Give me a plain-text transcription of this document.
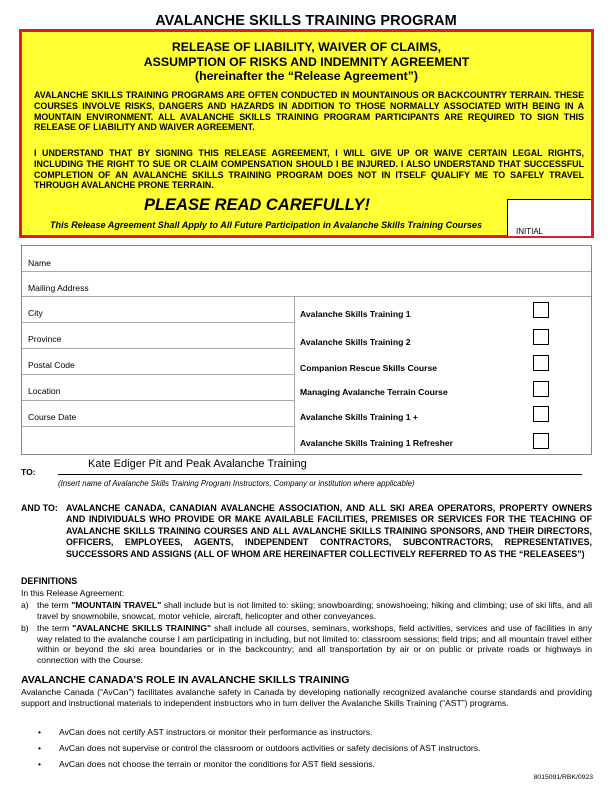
AVALANCHE SKILLS TRAINING PROGRAM
RELEASE OF LIABILITY, WAIVER OF CLAIMS,
ASSUMPTION OF RISKS AND INDEMNITY AGREEMENT
(hereinafter the “Release Agreement”)
AVALANCHE SKILLS TRAINING PROGRAMS ARE OFTEN CONDUCTED IN MOUNTAINOUS OR BACKCOUNTRY TERRAIN. THESE COURSES INVOLVE RISKS, DANGERS AND HAZARDS IN ADDITION TO THOSE NORMALLY ASSOCIATED WITH BEING IN A MOUNTAIN ENVIRONMENT. ALL AVALANCHE SKILLS TRAINING PROGRAM PARTICIPANTS ARE REQUIRED TO SIGN THIS RELEASE OF LIABILITY AND WAIVER AGREEMENT.
I UNDERSTAND THAT BY SIGNING THIS RELEASE AGREEMENT, I WILL GIVE UP OR WAIVE CERTAIN LEGAL RIGHTS, INCLUDING THE RIGHT TO SUE OR CLAIM COMPENSATION SHOULD I BE INJURED. I ALSO UNDERSTAND THAT SUCCESSFUL COMPLETION OF AN AVALANCHE SKILLS TRAINING PROGRAM DOES NOT IN ITSELF QUALIFY ME TO SAFELY TRAVEL THROUGH AVALANCHE PRONE TERRAIN.
PLEASE READ CAREFULLY!
This Release Agreement Shall Apply to All Future Participation in Avalanche Skills Training Courses
INITIAL
Name
Mailing Address
City
Province
Postal Code
Location
Course Date
Avalanche Skills Training 1
Avalanche Skills Training 2
Companion Rescue Skills Course
Managing Avalanche Terrain Course
Avalanche Skills Training 1 +
Avalanche Skills Training 1 Refresher
TO:
Kate Ediger Pit and Peak Avalanche Training
(Insert name of Avalanche Skills Training Program Instructors, Company or institution where applicable)
AND TO: AVALANCHE CANADA, CANADIAN AVALANCHE ASSOCIATION, AND ALL SKI AREA OPERATORS, PROPERTY OWNERS AND INDIVIDUALS WHO PROVIDE OR MAKE AVAILABLE FACILITIES, PREMISES OR SERVICES FOR THE TEACHING OF AVALANCHE SKILLS TRAINING COURSES AND ALL AVALANCHE SKILLS TRAINING SPONSORS, AND THEIR DIRECTORS, OFFICERS, EMPLOYEES, AGENTS, INDEPENDENT CONTRACTORS, SUBCONTRACTORS, REPRESENTATIVES, SUCCESSORS AND ASSIGNS (ALL OF WHOM ARE HEREINAFTER COLLECTIVELY REFERRED TO AS THE “RELEASEES”)
DEFINITIONS
In this Release Agreement:
a) the term "MOUNTAIN TRAVEL" shall include but is not limited to: skiing; snowboarding; snowshoeing; hiking and climbing; use of ski lifts, and all travel by snowmobile, snowcat, motor vehicle, aircraft, helicopter and other conveyances.
b) the term "AVALANCHE SKILLS TRAINING" shall include all courses, seminars, workshops, field activities, services and use of facilities in any way related to the avalanche course I am participating in including, but not limited to: classroom sessions; field trips; and all mountain travel either within or beyond the ski area boundaries or in the backcountry; and all transportation by air or on public or private roads or highways in connection with the Course.
AVALANCHE CANADA’S ROLE IN AVALANCHE SKILLS TRAINING
Avalanche Canada (“AvCan”) facilitates avalanche safety in Canada by developing nationally recognized avalanche course standards and providing support and instructional materials to independent instructors who in turn deliver the Avalanche Skills Training (“AST”) programs.
• AvCan does not certify AST instructors or monitor their performance as instructors.
• AvCan does not supervise or control the classroom or outdoors activities or safety decisions of AST instructors.
• AvCan does not choose the terrain or monitor the conditions for AST field sessions.
8015091/RBK/0923
